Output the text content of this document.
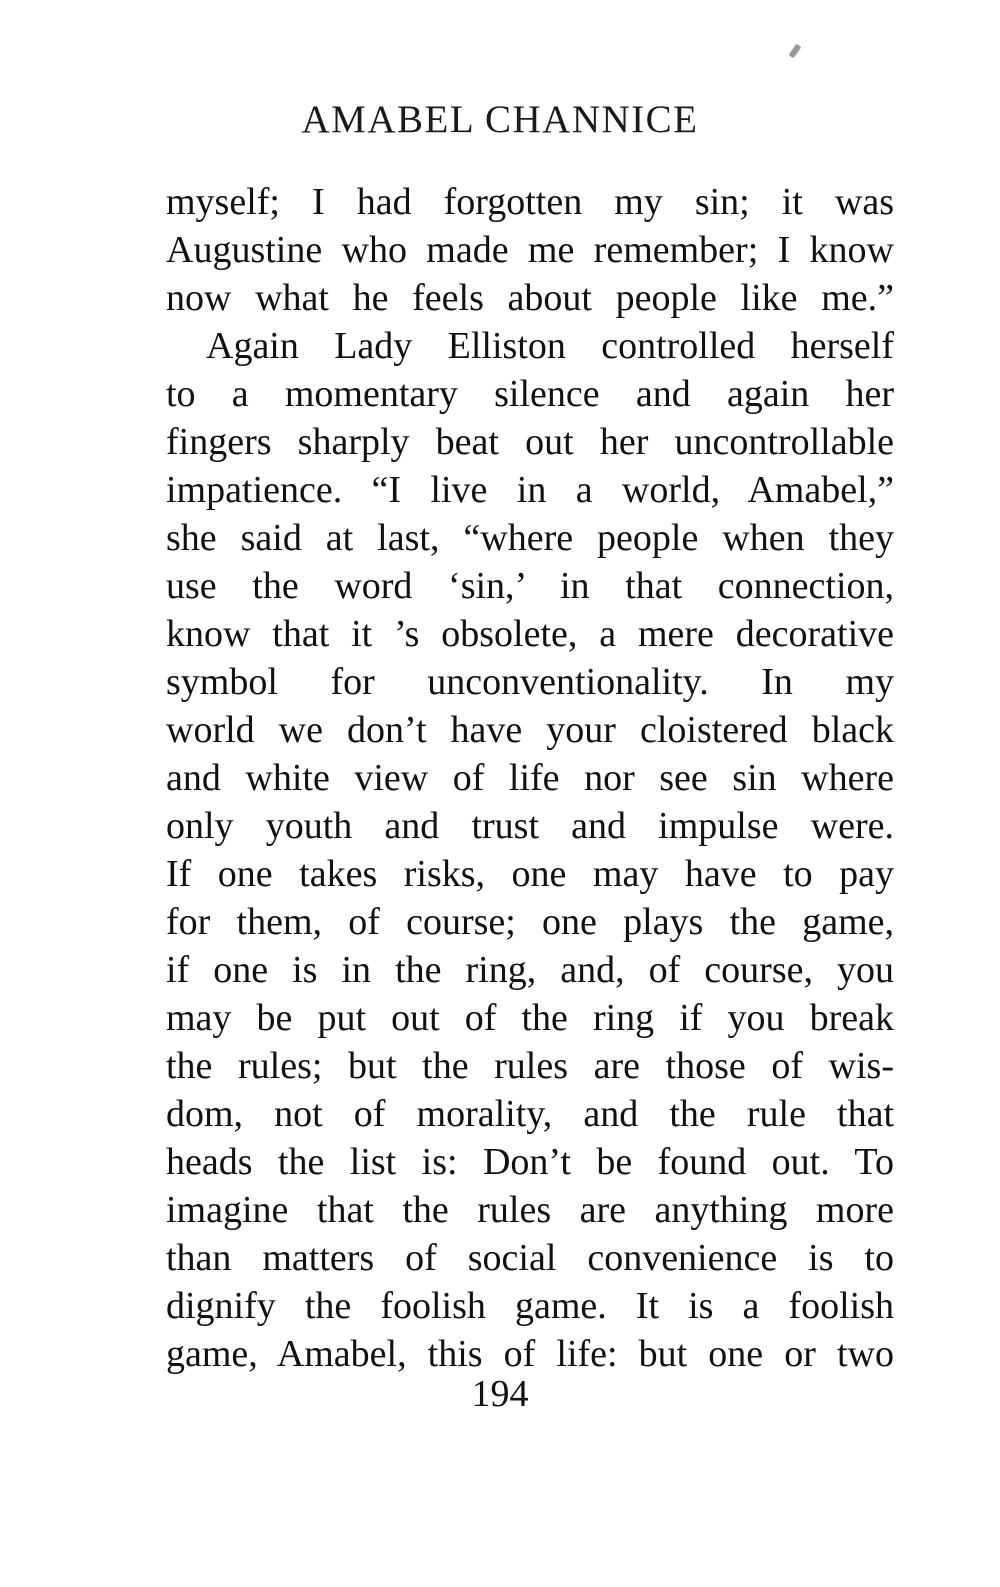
AMABEL CHANNICE
myself; I had forgotten my sin; it was
Augustine who made me remember; I know
now what he feels about people like me.”
Again Lady Elliston controlled herself
to a momentary silence and again her
fingers sharply beat out her uncontrollable
impatience. “I live in a world, Amabel,”
she said at last, “where people when they
use the word ‘sin,’ in that connection,
know that it ’s obsolete, a mere decorative
symbol for unconventionality. In my
world we don’t have your cloistered black
and white view of life nor see sin where
only youth and trust and impulse were.
If one takes risks, one may have to pay
for them, of course; one plays the game,
if one is in the ring, and, of course, you
may be put out of the ring if you break
the rules; but the rules are those of wis-
dom, not of morality, and the rule that
heads the list is: Don’t be found out. To
imagine that the rules are anything more
than matters of social convenience is to
dignify the foolish game. It is a foolish
game, Amabel, this of life: but one or two
194
